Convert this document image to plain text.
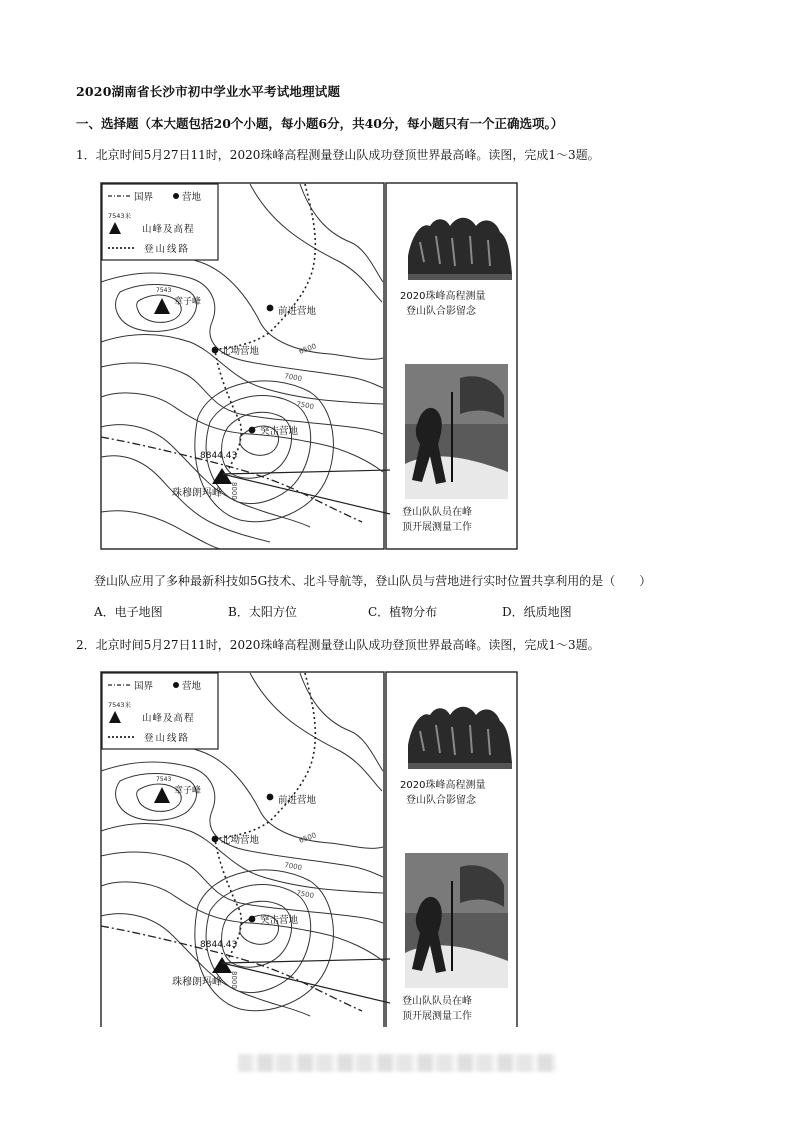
2020湖南省长沙市初中学业水平考试地理试题
一、选择题（本大题包括20个小题，每小题6分，共40分，每小题只有一个正确选项。）
1．北京时间5月27日11时，2020珠峰高程测量登山队成功登顶世界最高峰。读图，完成1～3题。
前进营地
北坳营地
突击营地
7543
章子峰
8844.43
珠穆朗玛峰
6500
7000
7500
8000
国界	营地
7543米
山峰及高程
登山线路
2020珠峰高程测量
登山队合影留念
登山队队员在峰
顶开展测量工作
登山队应用了多种最新科技如5G技术、北斗导航等，登山队员与营地进行实时位置共享利用的是（　　）
A．电子地图	B．太阳方位	C．植物分布	D．纸质地图
2．北京时间5月27日11时，2020珠峰高程测量登山队成功登顶世界最高峰。读图，完成1～3题。
前进营地
北坳营地
突击营地
7543
章子峰
8844.43
珠穆朗玛峰
6500
7000
7500
8000
国界	营地
7543米
山峰及高程
登山线路
2020珠峰高程测量
登山队合影留念
登山队队员在峰
顶开展测量工作
